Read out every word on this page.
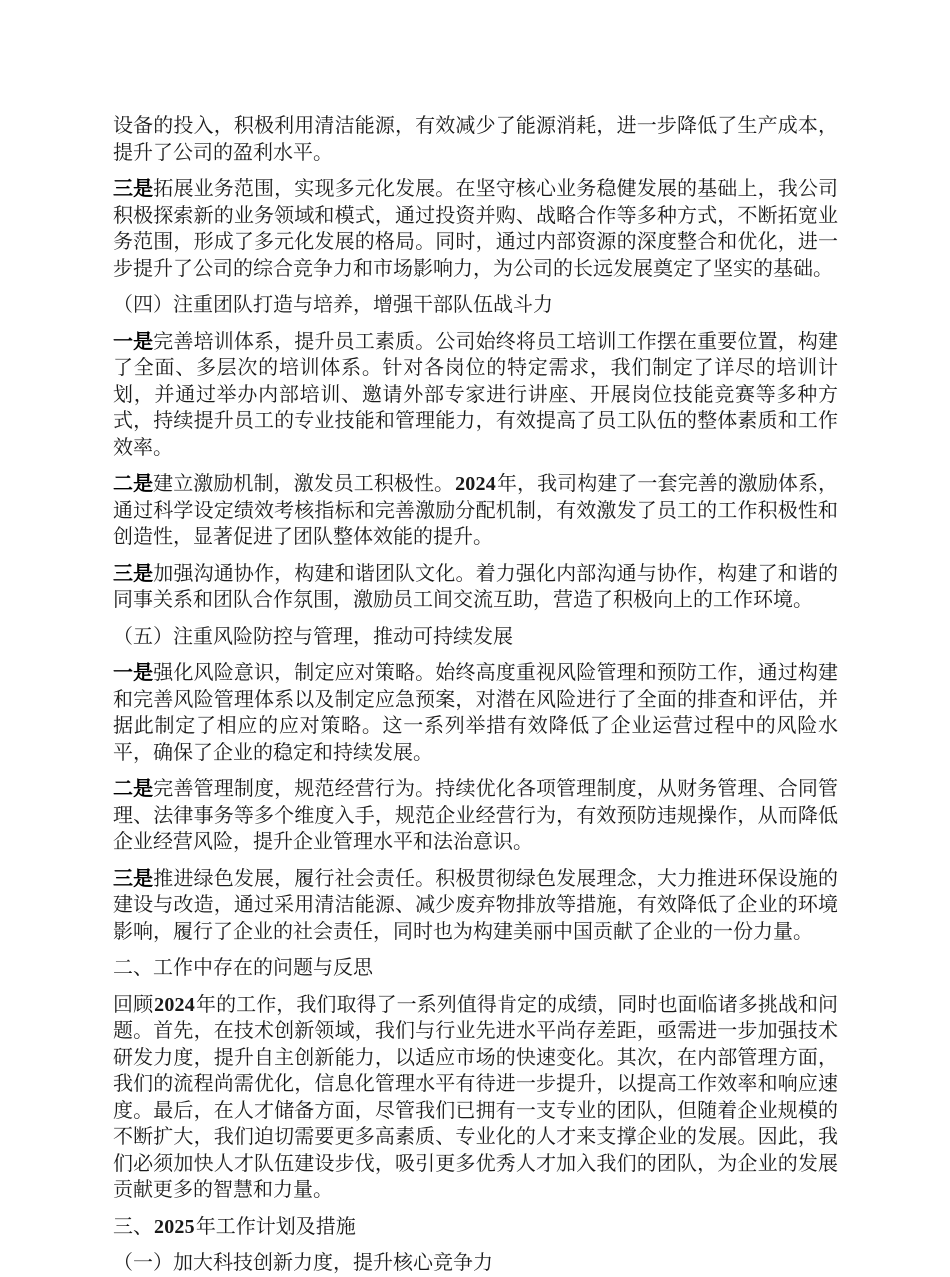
设备的投入，积极利用清洁能源，有效减少了能源消耗，进一步降低了生产成本，提升了公司的盈利水平。

三是拓展业务范围，实现多元化发展。在坚守核心业务稳健发展的基础上，我公司积极探索新的业务领域和模式，通过投资并购、战略合作等多种方式，不断拓宽业务范围，形成了多元化发展的格局。同时，通过内部资源的深度整合和优化，进一步提升了公司的综合竞争力和市场影响力，为公司的长远发展奠定了坚实的基础。

（四）注重团队打造与培养，增强干部队伍战斗力

一是完善培训体系，提升员工素质。公司始终将员工培训工作摆在重要位置，构建了全面、多层次的培训体系。针对各岗位的特定需求，我们制定了详尽的培训计划，并通过举办内部培训、邀请外部专家进行讲座、开展岗位技能竞赛等多种方式，持续提升员工的专业技能和管理能力，有效提高了员工队伍的整体素质和工作效率。

二是建立激励机制，激发员工积极性。2024年，我司构建了一套完善的激励体系，通过科学设定绩效考核指标和完善激励分配机制，有效激发了员工的工作积极性和创造性，显著促进了团队整体效能的提升。

三是加强沟通协作，构建和谐团队文化。着力强化内部沟通与协作，构建了和谐的同事关系和团队合作氛围，激励员工间交流互助，营造了积极向上的工作环境。

（五）注重风险防控与管理，推动可持续发展

一是强化风险意识，制定应对策略。始终高度重视风险管理和预防工作，通过构建和完善风险管理体系以及制定应急预案，对潜在风险进行了全面的排查和评估，并据此制定了相应的应对策略。这一系列举措有效降低了企业运营过程中的风险水平，确保了企业的稳定和持续发展。

二是完善管理制度，规范经营行为。持续优化各项管理制度，从财务管理、合同管理、法律事务等多个维度入手，规范企业经营行为，有效预防违规操作，从而降低企业经营风险，提升企业管理水平和法治意识。

三是推进绿色发展，履行社会责任。积极贯彻绿色发展理念，大力推进环保设施的建设与改造，通过采用清洁能源、减少废弃物排放等措施，有效降低了企业的环境影响，履行了企业的社会责任，同时也为构建美丽中国贡献了企业的一份力量。

二、工作中存在的问题与反思

回顾2024年的工作，我们取得了一系列值得肯定的成绩，同时也面临诸多挑战和问题。首先，在技术创新领域，我们与行业先进水平尚存差距，亟需进一步加强技术研发力度，提升自主创新能力，以适应市场的快速变化。其次，在内部管理方面，我们的流程尚需优化，信息化管理水平有待进一步提升，以提高工作效率和响应速度。最后，在人才储备方面，尽管我们已拥有一支专业的团队，但随着企业规模的不断扩大，我们迫切需要更多高素质、专业化的人才来支撑企业的发展。因此，我们必须加快人才队伍建设步伐，吸引更多优秀人才加入我们的团队，为企业的发展贡献更多的智慧和力量。

三、2025年工作计划及措施

（一）加大科技创新力度，提升核心竞争力
